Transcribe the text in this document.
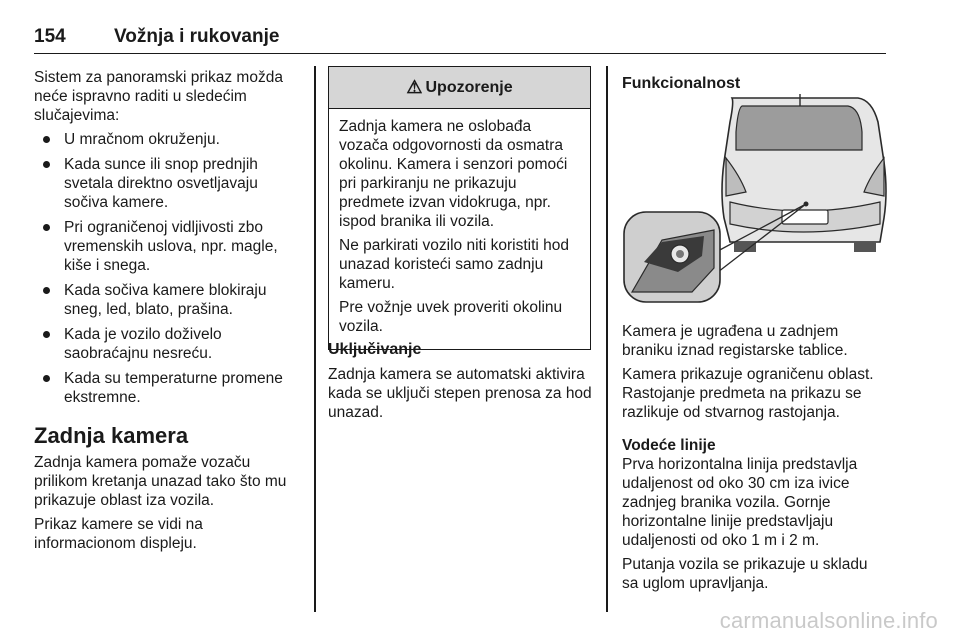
154	Vožnja i rukovanje

Sistem za panoramski prikaz možda neće ispravno raditi u sledećim slučajevima:

U mračnom okruženju.
Kada sunce ili snop prednjih svetala direktno osvetljavaju sočiva kamere.
Pri ograničenoj vidljivosti zbo vremenskih uslova, npr. magle, kiše i snega.
Kada sočiva kamere blokiraju sneg, led, blato, prašina.
Kada je vozilo doživelo saobraćajnu nesreću.
Kada su temperaturne promene ekstremne.
Zadnja kamera

Zadnja kamera pomaže vozaču prilikom kretanja unazad tako što mu prikazuje oblast iza vozila.

Prikaz kamere se vidi na informacionom displeju.

⚠ Upozorenje

Zadnja kamera ne oslobađa vozača odgovornosti da osmatra okolinu. Kamera i senzori pomoći pri parkiranju ne prikazuju predmete izvan vidokruga, npr. ispod branika ili vozila.

Ne parkirati vozilo niti koristiti hod unazad koristeći samo zadnju kameru.

Pre vožnje uvek proveriti okolinu vozila.

Uključivanje

Zadnja kamera se automatski aktivira kada se uključi stepen prenosa za hod unazad.

Funkcionalnost

Kamera je ugrađena u zadnjem braniku iznad registarske tablice.

Kamera prikazuje ograničenu oblast. Rastojanje predmeta na prikazu se razlikuje od stvarnog rastojanja.

Vodeće linije

Prva horizontalna linija predstavlja udaljenost od oko 30 cm iza ivice zadnjeg branika vozila. Gornje horizontalne linije predstavljaju udaljenosti od oko 1 m i 2 m.

Putanja vozila se prikazuje u skladu sa uglom upravljanja.

carmanualsonline.info
